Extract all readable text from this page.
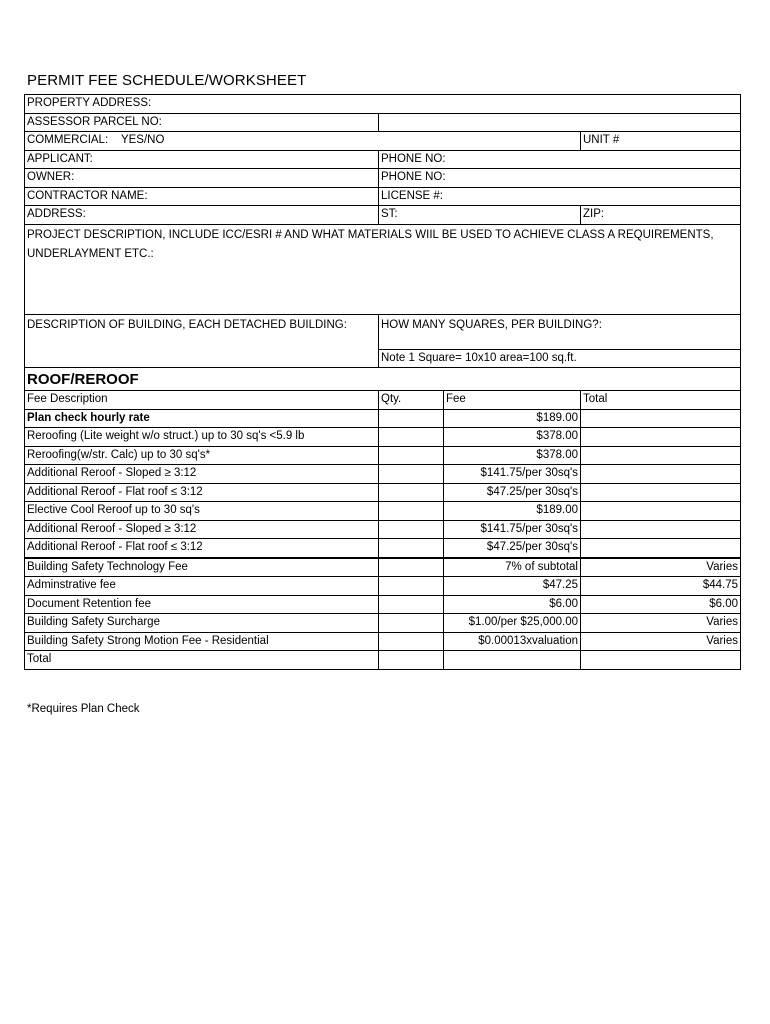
PERMIT FEE SCHEDULE/WORKSHEET
PROPERTY ADDRESS:			
ASSESSOR PARCEL NO:			
COMMERCIAL: YES/NO			UNIT #
APPLICANT:	PHONE NO:		
OWNER:	PHONE NO:		
CONTRACTOR NAME:	LICENSE #:		
ADDRESS:	ST:		ZIP:
PROJECT DESCRIPTION, INCLUDE ICC/ESRI # AND WHAT MATERIALS WIIL BE USED TO ACHIEVE CLASS A REQUIREMENTS, UNDERLAYMENT ETC.:			
DESCRIPTION OF BUILDING, EACH DETACHED BUILDING:	HOW MANY SQUARES, PER BUILDING?:		
	Note 1 Square= 10x10 area=100 sq.ft.		
ROOF/REROOF			
Fee Description	Qty.	Fee	Total
Plan check hourly rate		$189.00	
Reroofing (Lite weight w/o struct.) up to 30 sq's <5.9 lb		$378.00	
Reroofing(w/str. Calc) up to 30 sq's*		$378.00	
Additional Reroof - Sloped ≥ 3:12		$141.75/per 30sq's	
Additional Reroof - Flat roof ≤ 3:12		$47.25/per 30sq's	
Elective Cool Reroof up to 30 sq's		$189.00	
Additional Reroof - Sloped ≥ 3:12		$141.75/per 30sq's	
Additional Reroof - Flat roof ≤ 3:12		$47.25/per 30sq's	
Building Safety Technology Fee		7% of subtotal	Varies
Adminstrative fee		$47.25	$44.75
Document Retention fee		$6.00	$6.00
Building Safety Surcharge		$1.00/per $25,000.00	Varies
Building Safety Strong Motion Fee - Residential		$0.00013xvaluation	Varies
Total			
*Requires Plan Check
